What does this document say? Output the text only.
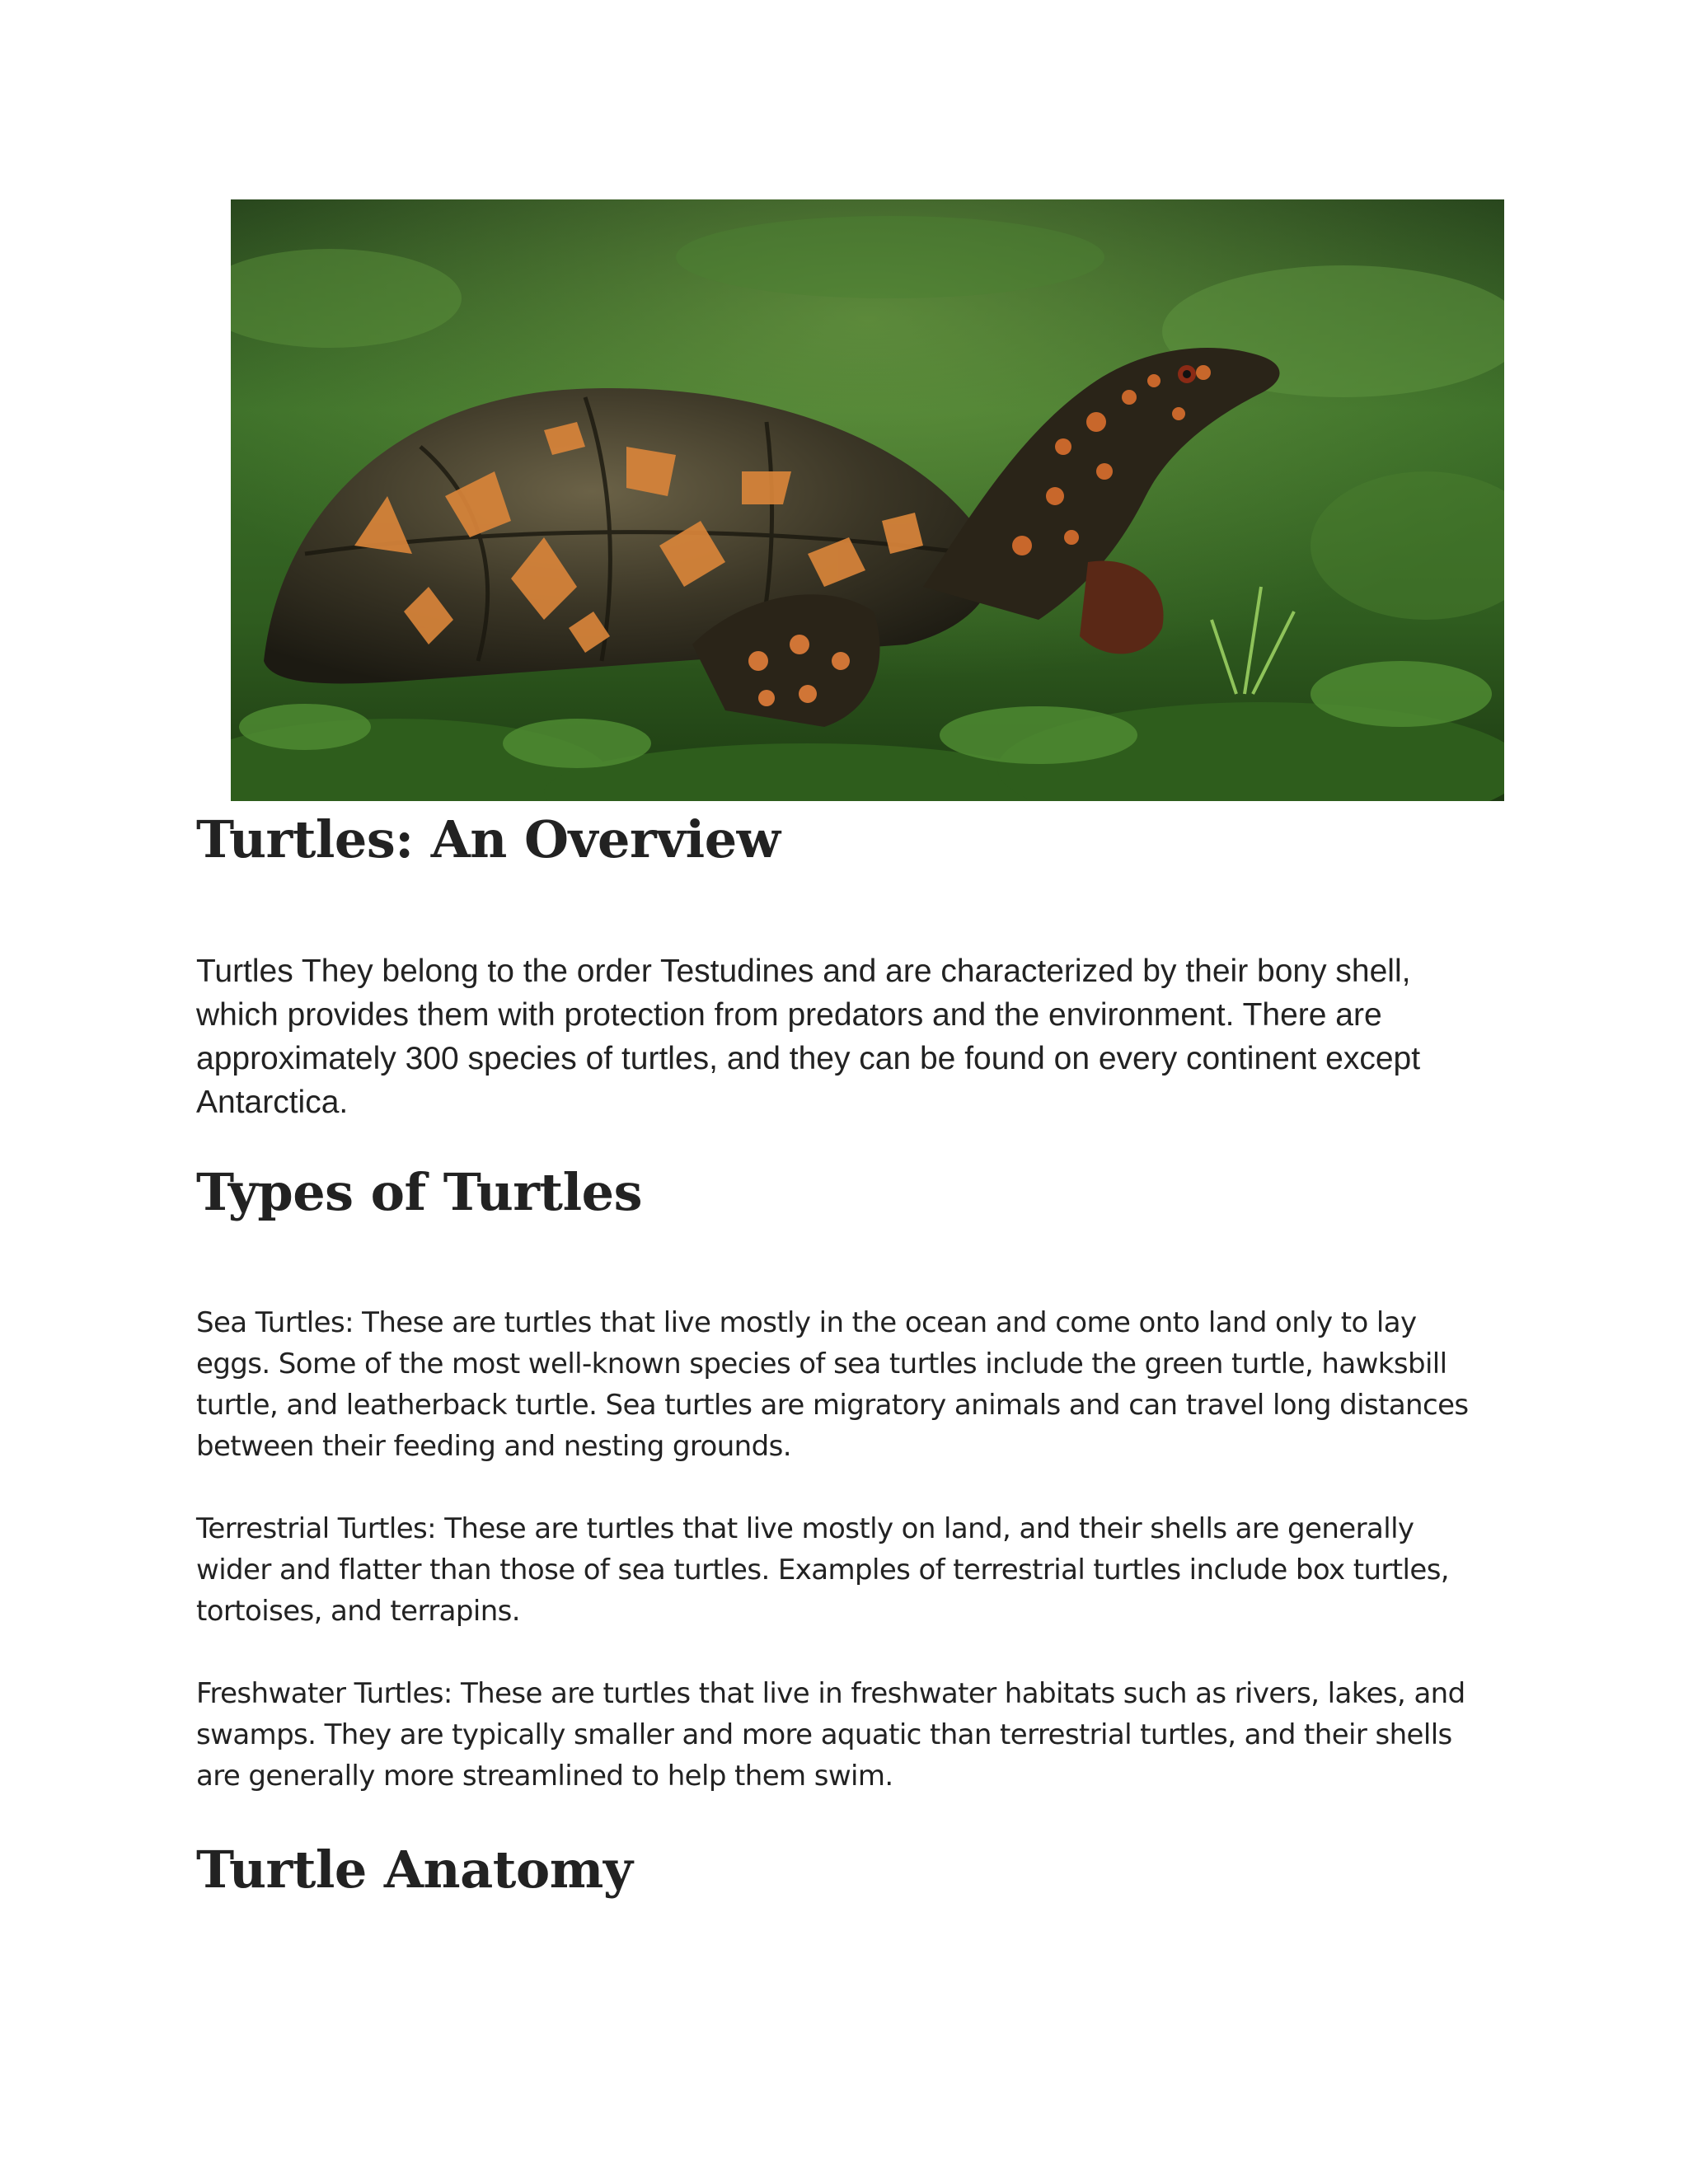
Turtles: An Overview

Turtles They belong to the order Testudines and are characterized by their bony shell, which provides them with protection from predators and the environment. There are approximately 300 species of turtles, and they can be found on every continent except Antarctica.

Types of Turtles

Sea Turtles: These are turtles that live mostly in the ocean and come onto land only to lay eggs. Some of the most well-known species of sea turtles include the green turtle, hawksbill turtle, and leatherback turtle. Sea turtles are migratory animals and can travel long distances between their feeding and nesting grounds.

Terrestrial Turtles: These are turtles that live mostly on land, and their shells are generally wider and flatter than those of sea turtles. Examples of terrestrial turtles include box turtles, tortoises, and terrapins.

Freshwater Turtles: These are turtles that live in freshwater habitats such as rivers, lakes, and swamps. They are typically smaller and more aquatic than terrestrial turtles, and their shells are generally more streamlined to help them swim.

Turtle Anatomy
